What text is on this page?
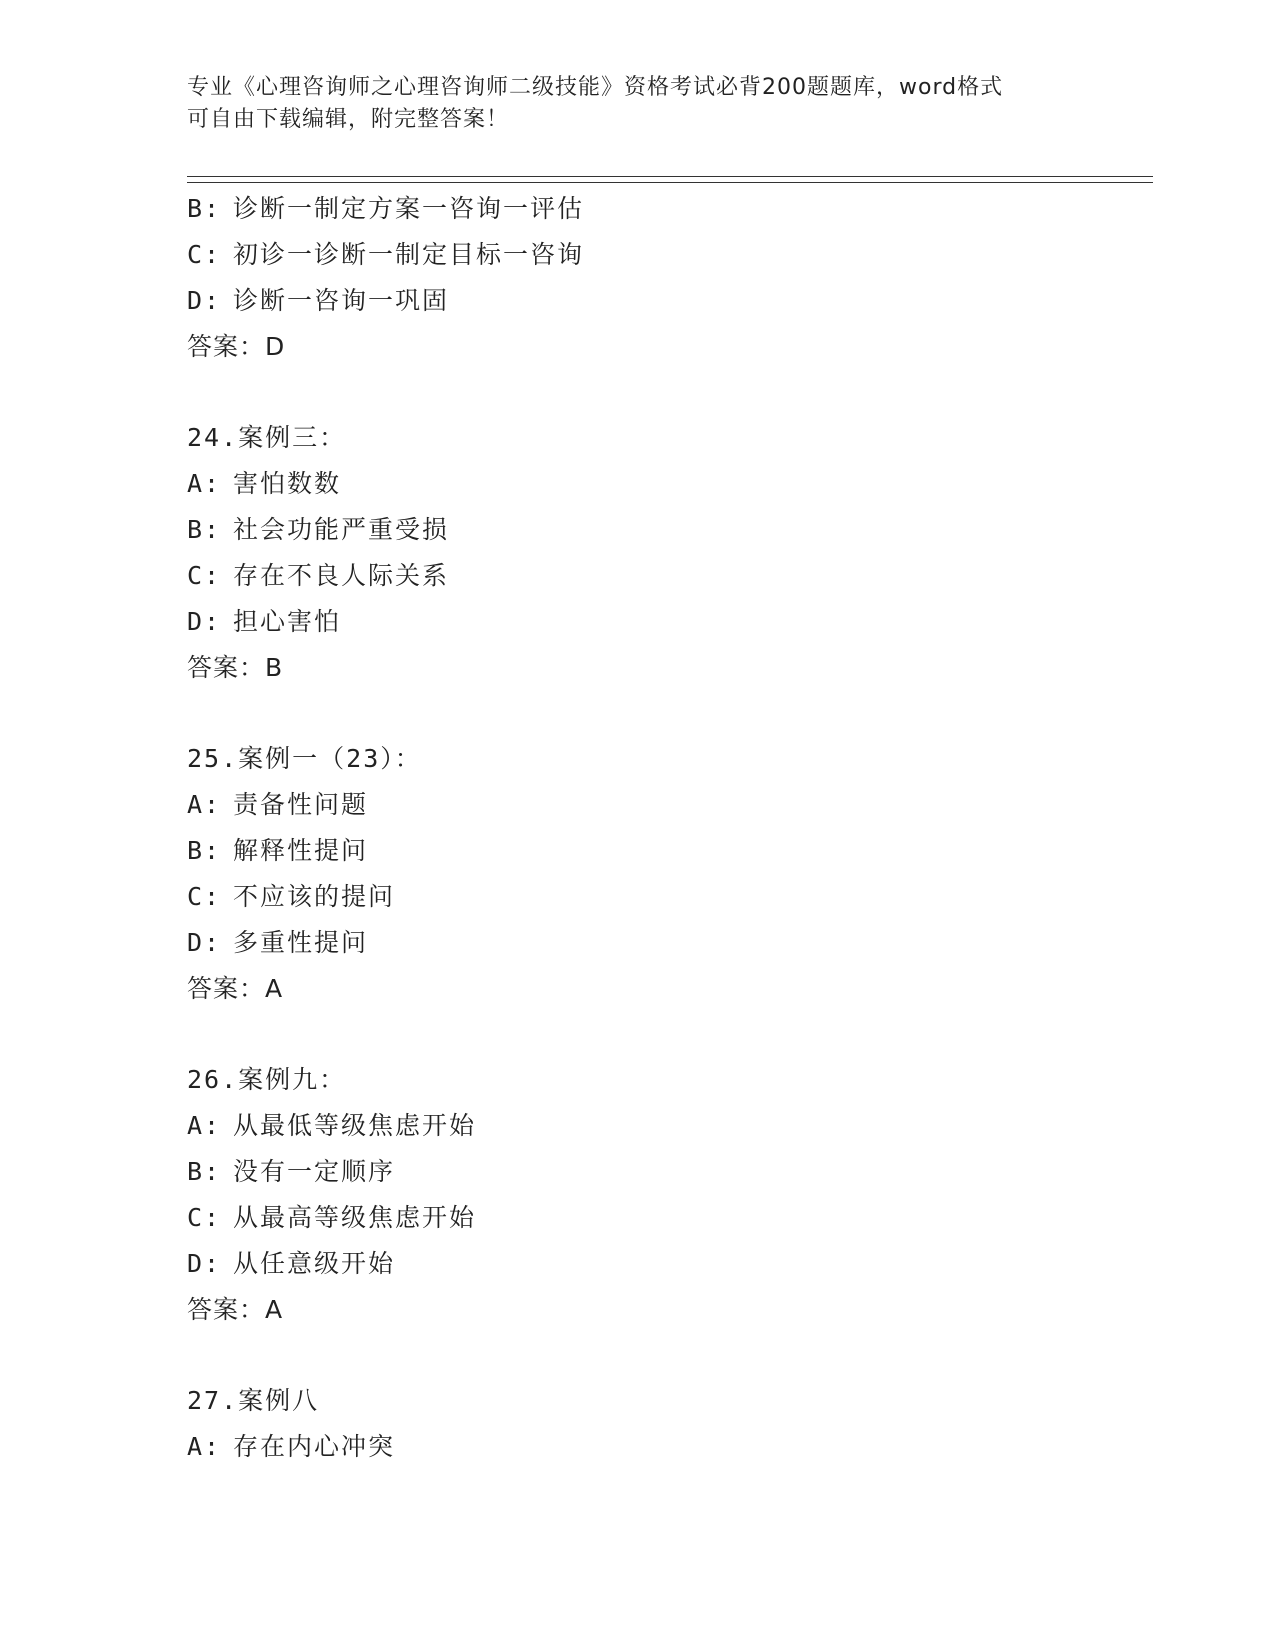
专业《心理咨询师之心理咨询师二级技能》资格考试必背200题题库，word格式
可自由下载编辑，附完整答案！
B: 诊断一制定方案一咨询一评估
C: 初诊一诊断一制定目标一咨询
D: 诊断一咨询一巩固
答案：D
24.案例三：
A: 害怕数数
B: 社会功能严重受损
C: 存在不良人际关系
D: 担心害怕
答案：B
25.案例一（23）：
A: 责备性问题
B: 解释性提问
C: 不应该的提问
D: 多重性提问
答案：A
26.案例九：
A: 从最低等级焦虑开始
B: 没有一定顺序
C: 从最高等级焦虑开始
D: 从任意级开始
答案：A
27.案例八
A: 存在内心冲突
